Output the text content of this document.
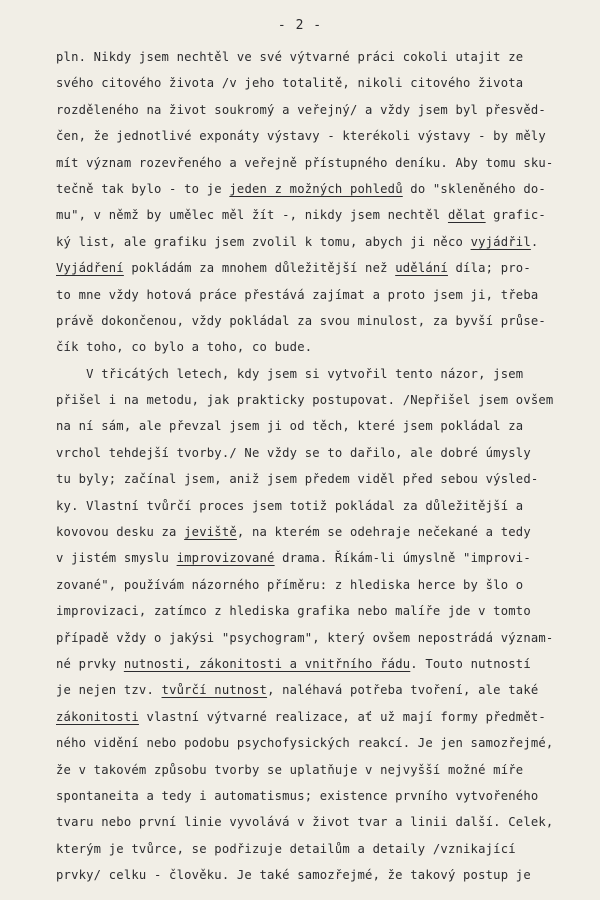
- 2 -
pln. Nikdy jsem nechtěl ve své výtvarné práci cokoli utajit ze
svého citového života /v jeho totalitě, nikoli citového života
rozděleného na život soukromý a veřejný/ a vždy jsem byl přesvěd-
čen, že jednotlivé exponáty výstavy - kterékoli výstavy - by měly
mít význam rozevřeného a veřejně přístupného deníku. Aby tomu sku-
tečně tak bylo - to je jeden z možných pohledů do "skleněného do-
mu", v němž by umělec měl žít -, nikdy jsem nechtěl dělat grafic-
ký list, ale grafiku jsem zvolil k tomu, abych ji něco vyjádřil.
Vyjádření pokládám za mnohem důležitější než udělání díla; pro-
to mne vždy hotová práce přestává zajímat a proto jsem ji, třeba
právě dokončenou, vždy pokládal za svou minulost, za byvší průse-
čík toho, co bylo a toho, co bude.
V třicátých letech, kdy jsem si vytvořil tento názor, jsem
přišel i na metodu, jak prakticky postupovat. /Nepřišel jsem ovšem
na ní sám, ale převzal jsem ji od těch, které jsem pokládal za
vrchol tehdejší tvorby./ Ne vždy se to dařilo, ale dobré úmysly
tu byly; začínal jsem, aniž jsem předem viděl před sebou výsled-
ky. Vlastní tvůrčí proces jsem totiž pokládal za důležitější a
kovovou desku za jeviště, na kterém se odehraje nečekané a tedy
v jistém smyslu improvizované drama. Říkám-li úmyslně "improvi-
zované", používám názorného příměru: z hlediska herce by šlo o
improvizaci, zatímco z hlediska grafika nebo malíře jde v tomto
případě vždy o jakýsi "psychogram", který ovšem nepostrádá význam-
né prvky nutnosti, zákonitosti a vnitřního řádu. Touto nutností
je nejen tzv. tvůrčí nutnost, naléhavá potřeba tvoření, ale také
zákonitosti vlastní výtvarné realizace, ať už mají formy předmět-
ného vidění nebo podobu psychofysických reakcí. Je jen samozřejmé,
že v takovém způsobu tvorby se uplatňuje v nejvyšší možné míře
spontaneita a tedy i automatismus; existence prvního vytvořeného
tvaru nebo první linie vyvolává v život tvar a linii další. Celek,
kterým je tvůrce, se podřizuje detailům a detaily /vznikající
prvky/ celku - člověku. Je také samozřejmé, že takový postup je
